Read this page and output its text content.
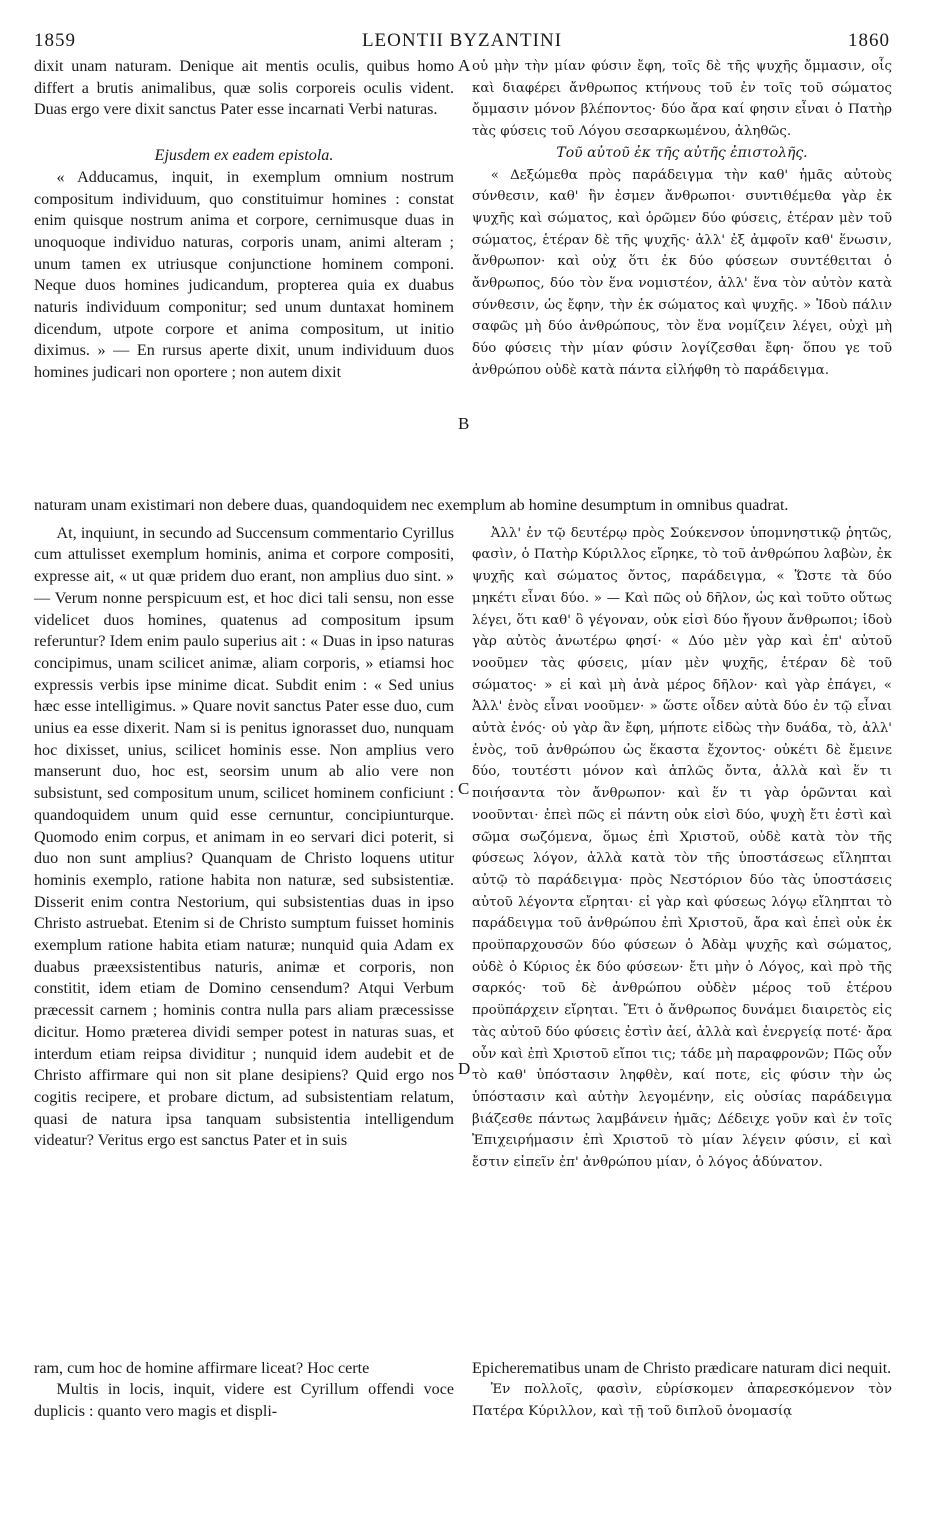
1859	LEONTII BYZANTINI	1860

dixit unam naturam. Denique ait mentis oculis, quibus homo differt a brutis animalibus, quæ solis corporeis oculis vident. Duas ergo vere dixit sanctus Pater esse incarnati Verbi naturas.

Ejusdem ex eadem epistola.

« Adducamus, inquit, in exemplum omnium nostrum compositum individuum, quo constituimur homines : constat enim quisque nostrum anima et corpore, cernimusque duas in unoquoque individuo naturas, corporis unam, animi alteram ; unum tamen ex utriusque conjunctione hominem componi. Neque duos homines judicandum, propterea quia ex duabus naturis individuum componitur; sed unum duntaxat hominem dicendum, utpote corpore et anima compositum, ut initio diximus. » — En rursus aperte dixit, unum individuum duos homines judicari non oportere ; non autem dixit

οὐ μὴν τὴν μίαν φύσιν ἔφη, τοῖς δὲ τῆς ψυχῆς ὄμμασιν, οἷς καὶ διαφέρει ἄνθρωπος κτήνους τοῦ ἐν τοῖς τοῦ σώματος ὄμμασιν μόνον βλέποντος· δύο ἄρα καί φησιν εἶναι ὁ Πατὴρ τὰς φύσεις τοῦ Λόγου σεσαρκωμένου, ἀληθῶς.

Τοῦ αὐτοῦ ἐκ τῆς αὐτῆς ἐπιστολῆς.

« Δεξώμεθα πρὸς παράδειγμα τὴν καθ' ἡμᾶς αὐτοὺς σύνθεσιν, καθ' ἣν ἐσμεν ἄνθρωποι· συντιθέμεθα γὰρ ἐκ ψυχῆς καὶ σώματος, καὶ ὁρῶμεν δύο φύσεις, ἑτέραν μὲν τοῦ σώματος, ἑτέραν δὲ τῆς ψυχῆς· ἀλλ' ἐξ ἀμφοῖν καθ' ἕνωσιν, ἄνθρωπον· καὶ οὐχ ὅτι ἐκ δύο φύσεων συντέθειται ὁ ἄνθρωπος, δύο τὸν ἕνα νομιστέον, ἀλλ' ἕνα τὸν αὐτὸν κατὰ σύνθεσιν, ὡς ἔφην, τὴν ἐκ σώματος καὶ ψυχῆς. » Ἰδοὺ πάλιν σαφῶς μὴ δύο ἀνθρώπους, τὸν ἕνα νομίζειν λέγει, οὐχὶ μὴ δύο φύσεις τὴν μίαν φύσιν λογίζεσθαι ἔφη· ὅπου γε τοῦ ἀνθρώπου οὐδὲ κατὰ πάντα εἰλήφθη τὸ παράδειγμα.

A
B

naturam unam existimari non debere duas, quandoquidem nec exemplum ab homine desumptum in omnibus quadrat.

At, inquiunt, in secundo ad Succensum commentario Cyrillus cum attulisset exemplum hominis, anima et corpore compositi, expresse ait, « ut quæ pridem duo erant, non amplius duo sint. » — Verum nonne perspicuum est, et hoc dici tali sensu, non esse videlicet duos homines, quatenus ad compositum ipsum referuntur? Idem enim paulo superius ait : « Duas in ipso naturas concipimus, unam scilicet animæ, aliam corporis, » etiamsi hoc expressis verbis ipse minime dicat. Subdit enim : « Sed unius hæc esse intelligimus. » Quare novit sanctus Pater esse duo, cum unius ea esse dixerit. Nam si is penitus ignorasset duo, nunquam hoc dixisset, unius, scilicet hominis esse. Non amplius vero manserunt duo, hoc est, seorsim unum ab alio vere non subsistunt, sed compositum unum, scilicet hominem conficiunt : quandoquidem unum quid esse cernuntur, concipiunturque. Quomodo enim corpus, et animam in eo servari dici poterit, si duo non sunt amplius? Quanquam de Christo loquens utitur hominis exemplo, ratione habita non naturæ, sed subsistentiæ. Disserit enim contra Nestorium, qui subsistentias duas in ipso Christo astruebat. Etenim si de Christo sumptum fuisset hominis exemplum ratione habita etiam naturæ; nunquid quia Adam ex duabus præexsistentibus naturis, animæ et corporis, non constitit, idem etiam de Domino censendum? Atqui Verbum præcessit carnem ; hominis contra nulla pars aliam præcessisse dicitur. Homo præterea dividi semper potest in naturas suas, et interdum etiam reipsa dividitur ; nunquid idem audebit et de Christo affirmare qui non sit plane desipiens? Quid ergo nos cogitis recipere, et probare dictum, ad subsistentiam relatum, quasi de natura ipsa tanquam subsistentia intelligendum videatur? Veritus ergo est sanctus Pater et in suis

Ἀλλ' ἐν τῷ δευτέρῳ πρὸς Σούκενσον ὑπομνηστικῷ ῥητῶς, φασὶν, ὁ Πατὴρ Κύριλλος εἴρηκε, τὸ τοῦ ἀνθρώπου λαβὼν, ἐκ ψυχῆς καὶ σώματος ὄντος, παράδειγμα, « Ὥστε τὰ δύο μηκέτι εἶναι δύο. » — Καὶ πῶς οὐ δῆλον, ὡς καὶ τοῦτο οὕτως λέγει, ὅτι καθ' ὃ γέγοναν, οὐκ εἰσὶ δύο ἤγουν ἄνθρωποι; ἰδοὺ γὰρ αὐτὸς ἀνωτέρω φησί· « Δύο μὲν γὰρ καὶ ἐπ' αὐτοῦ νοοῦμεν τὰς φύσεις, μίαν μὲν ψυχῆς, ἑτέραν δὲ τοῦ σώματος· » εἰ καὶ μὴ ἀνὰ μέρος δῆλον· καὶ γὰρ ἐπάγει, « Ἀλλ' ἑνὸς εἶναι νοοῦμεν· » ὥστε οἶδεν αὐτὰ δύο ἐν τῷ εἶναι αὐτὰ ἑνός· οὐ γὰρ ἂν ἔφη, μήποτε εἰδὼς τὴν δυάδα, τὸ, ἀλλ' ἑνὸς, τοῦ ἀνθρώπου ὡς ἕκαστα ἔχοντος· οὐκέτι δὲ ἔμεινε δύο, τουτέστι μόνον καὶ ἁπλῶς ὄντα, ἀλλὰ καὶ ἕν τι ποιήσαντα τὸν ἄνθρωπον· καὶ ἕν τι γὰρ ὁρῶνται καὶ νοοῦνται· ἐπεὶ πῶς εἰ πάντη οὐκ εἰσὶ δύο, ψυχὴ ἔτι ἐστὶ καὶ σῶμα σωζόμενα, ὅμως ἐπὶ Χριστοῦ, οὐδὲ κατὰ τὸν τῆς φύσεως λόγον, ἀλλὰ κατὰ τὸν τῆς ὑποστάσεως εἴληπται αὐτῷ τὸ παράδειγμα· πρὸς Νεστόριον δύο τὰς ὑποστάσεις αὐτοῦ λέγοντα εἴρηται· εἰ γὰρ καὶ φύσεως λόγῳ εἴληπται τὸ παράδειγμα τοῦ ἀνθρώπου ἐπὶ Χριστοῦ, ἄρα καὶ ἐπεὶ οὐκ ἐκ προϋπαρχουσῶν δύο φύσεων ὁ Ἀδὰμ ψυχῆς καὶ σώματος, οὐδὲ ὁ Κύριος ἐκ δύο φύσεων· ἔτι μὴν ὁ Λόγος, καὶ πρὸ τῆς σαρκός· τοῦ δὲ ἀνθρώπου οὐδὲν μέρος τοῦ ἑτέρου προϋπάρχειν εἴρηται. Ἔτι ὁ ἄνθρωπος δυνάμει διαιρετὸς εἰς τὰς αὐτοῦ δύο φύσεις ἐστὶν ἀεί, ἀλλὰ καὶ ἐνεργείᾳ ποτέ· ἄρα οὖν καὶ ἐπὶ Χριστοῦ εἴποι τις; τάδε μὴ παραφρονῶν; Πῶς οὖν τὸ καθ' ὑπόστασιν ληφθὲν, καί ποτε, εἰς φύσιν τὴν ὡς ὑπόστασιν καὶ αὐτὴν λεγομένην, εἰς οὐσίας παράδειγμα βιάζεσθε πάντως λαμβάνειν ἡμᾶς; Δέδειχε γοῦν καὶ ἐν τοῖς Ἐπιχειρήμασιν ἐπὶ Χριστοῦ τὸ μίαν λέγειν φύσιν, εἰ καὶ ἔστιν εἰπεῖν ἐπ' ἀνθρώπου μίαν, ὁ λόγος ἀδύνατον.

C
D

ram, cum hoc de homine affirmare liceat? Hoc certe

Multis in locis, inquit, videre est Cyrillum offendi voce duplicis : quanto vero magis et displi-

Epicherematibus unam de Christo prædicare naturam dici nequit.

Ἐν πολλοῖς, φασὶν, εὑρίσκομεν ἀπαρεσκόμενον τὸν Πατέρα Κύριλλον, καὶ τῇ τοῦ διπλοῦ ὀνομασίᾳ
